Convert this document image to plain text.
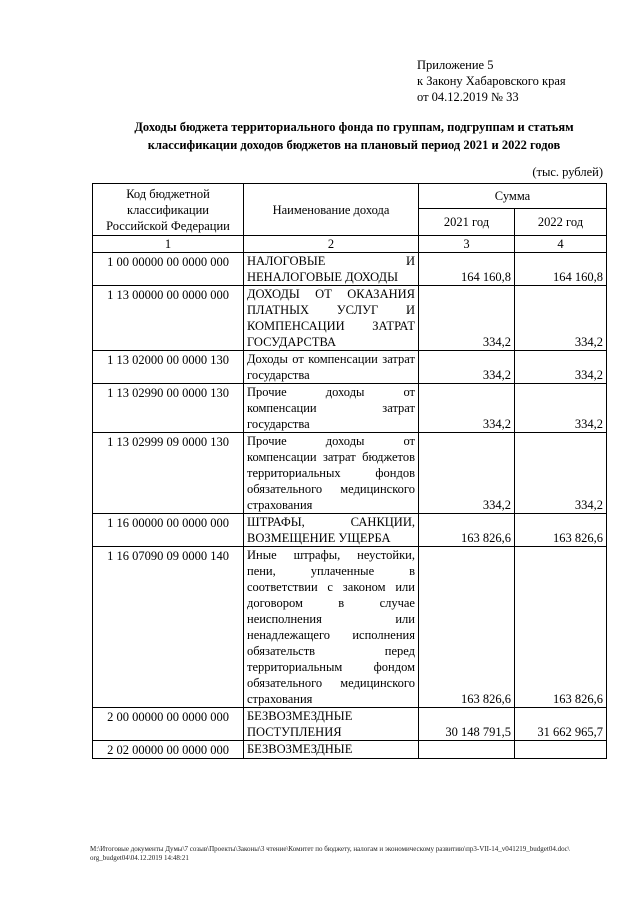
Приложение 5
к Закону Хабаровского края
от 04.12.2019 № 33
Доходы бюджета территориального фонда по группам, подгруппам и статьям классификации доходов бюджетов на плановый период 2021 и 2022 годов
(тыс. рублей)
Код бюджетной классификации Российской Федерации	Наименование дохода	Сумма	
		2021 год	2022 год
1	2	3	4
1 00 00000 00 0000 000	НАЛОГОВЫЕ И НЕНАЛОГОВЫЕ ДОХОДЫ	164 160,8	164 160,8
1 13 00000 00 0000 000	ДОХОДЫ ОТ ОКАЗАНИЯ ПЛАТНЫХ УСЛУГ И КОМПЕНСАЦИИ ЗАТРАТ ГОСУДАРСТВА	334,2	334,2
1 13 02000 00 0000 130	Доходы от компенсации затрат государства	334,2	334,2
1 13 02990 00 0000 130	Прочие доходы от компенсации затрат государства	334,2	334,2
1 13 02999 09 0000 130	Прочие доходы от компенсации затрат бюджетов территориальных фондов обязательного медицинского страхования	334,2	334,2
1 16 00000 00 0000 000	ШТРАФЫ, САНКЦИИ, ВОЗМЕЩЕНИЕ УЩЕРБА	163 826,6	163 826,6
1 16 07090 09 0000 140	Иные штрафы, неустойки, пени, уплаченные в соответствии с законом или договором в случае неисполнения или ненадлежащего исполнения обязательств перед территориальным фондом обязательного медицинского страхования	163 826,6	163 826,6
2 00 00000 00 0000 000	БЕЗВОЗМЕЗДНЫЕ ПОСТУПЛЕНИЯ	30 148 791,5	31 662 965,7
2 02 00000 00 0000 000	БЕЗВОЗМЕЗДНЫЕ		
M:\Итоговые документы Думы\7 созыв\Проекты\Законы\3 чтение\Комитет по бюджету, налогам и экономическому развитию\пр3-VII-14_v041219_budget04.doc\ org_budget04\04.12.2019 14:48:21
